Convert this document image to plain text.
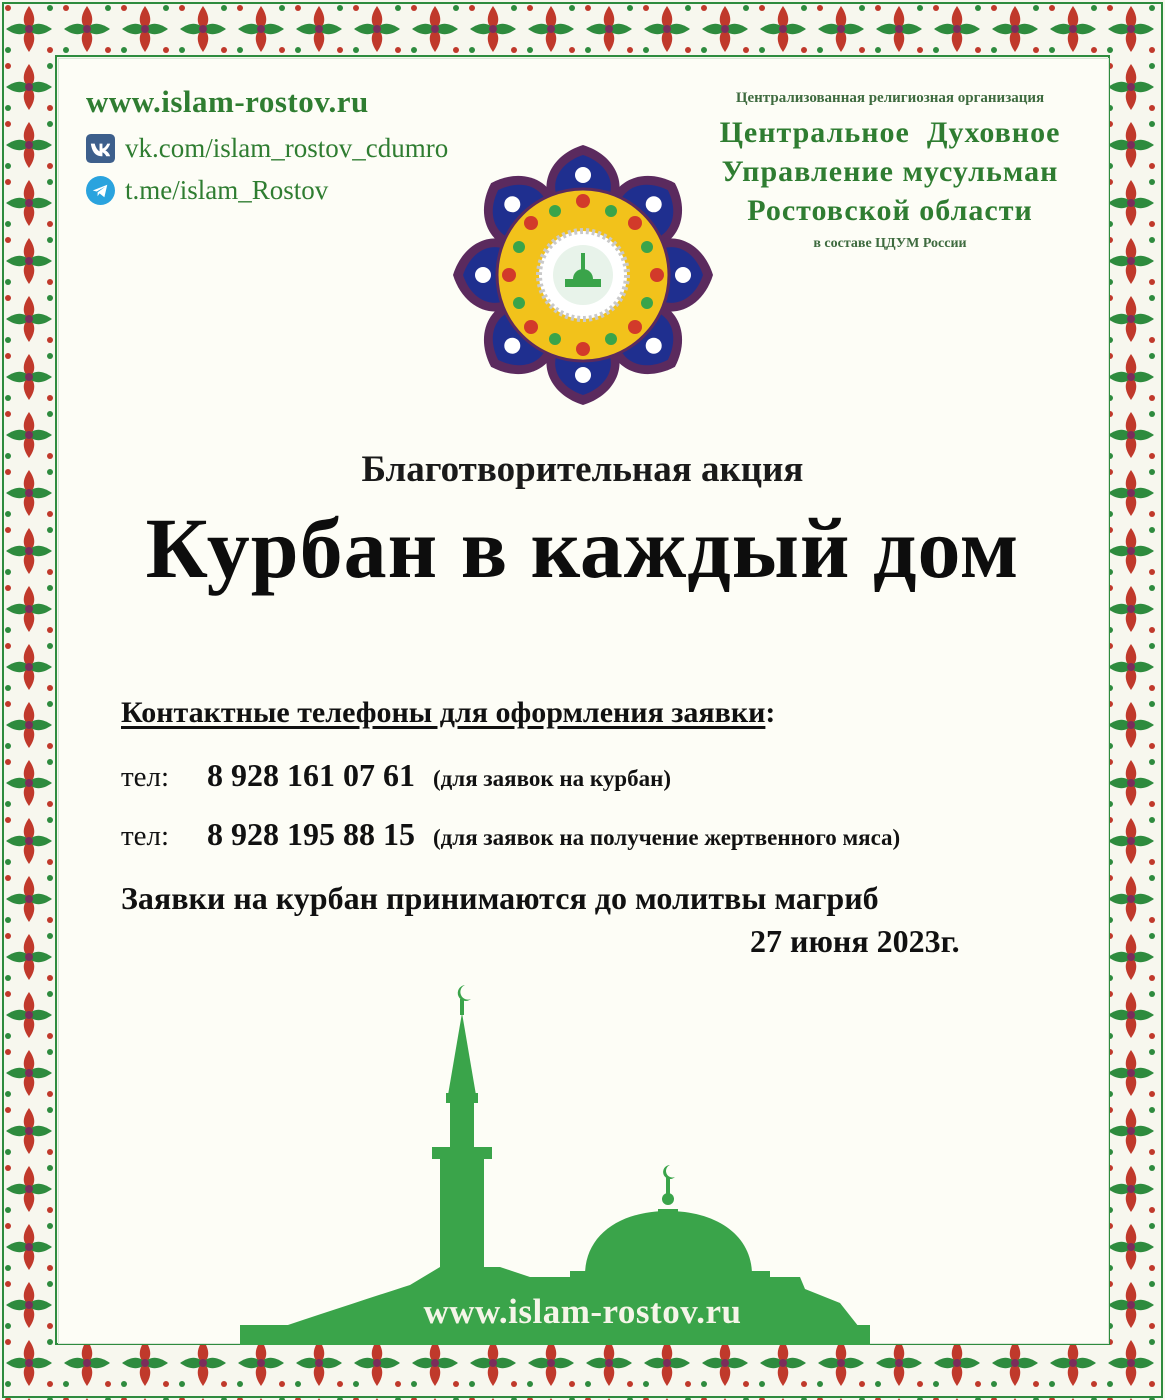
www.islam-rostov.ru
vk.com/islam_rostov_cdumro
t.me/islam_Rostov
Централизованная религиозная организация
Центральное  Духовное
Управление мусульман
Ростовской области
в составе ЦДУМ России
Благотворительная акция
Курбан в каждый дом
Контактные телефоны для оформления заявки:
тел: 8 928 161 07 61 (для заявок на курбан)
тел: 8 928 195 88 15 (для заявок на получение жертвенного мяса)
Заявки на курбан принимаются до молитвы магриб
27 июня 2023г.
www.islam-rostov.ru
